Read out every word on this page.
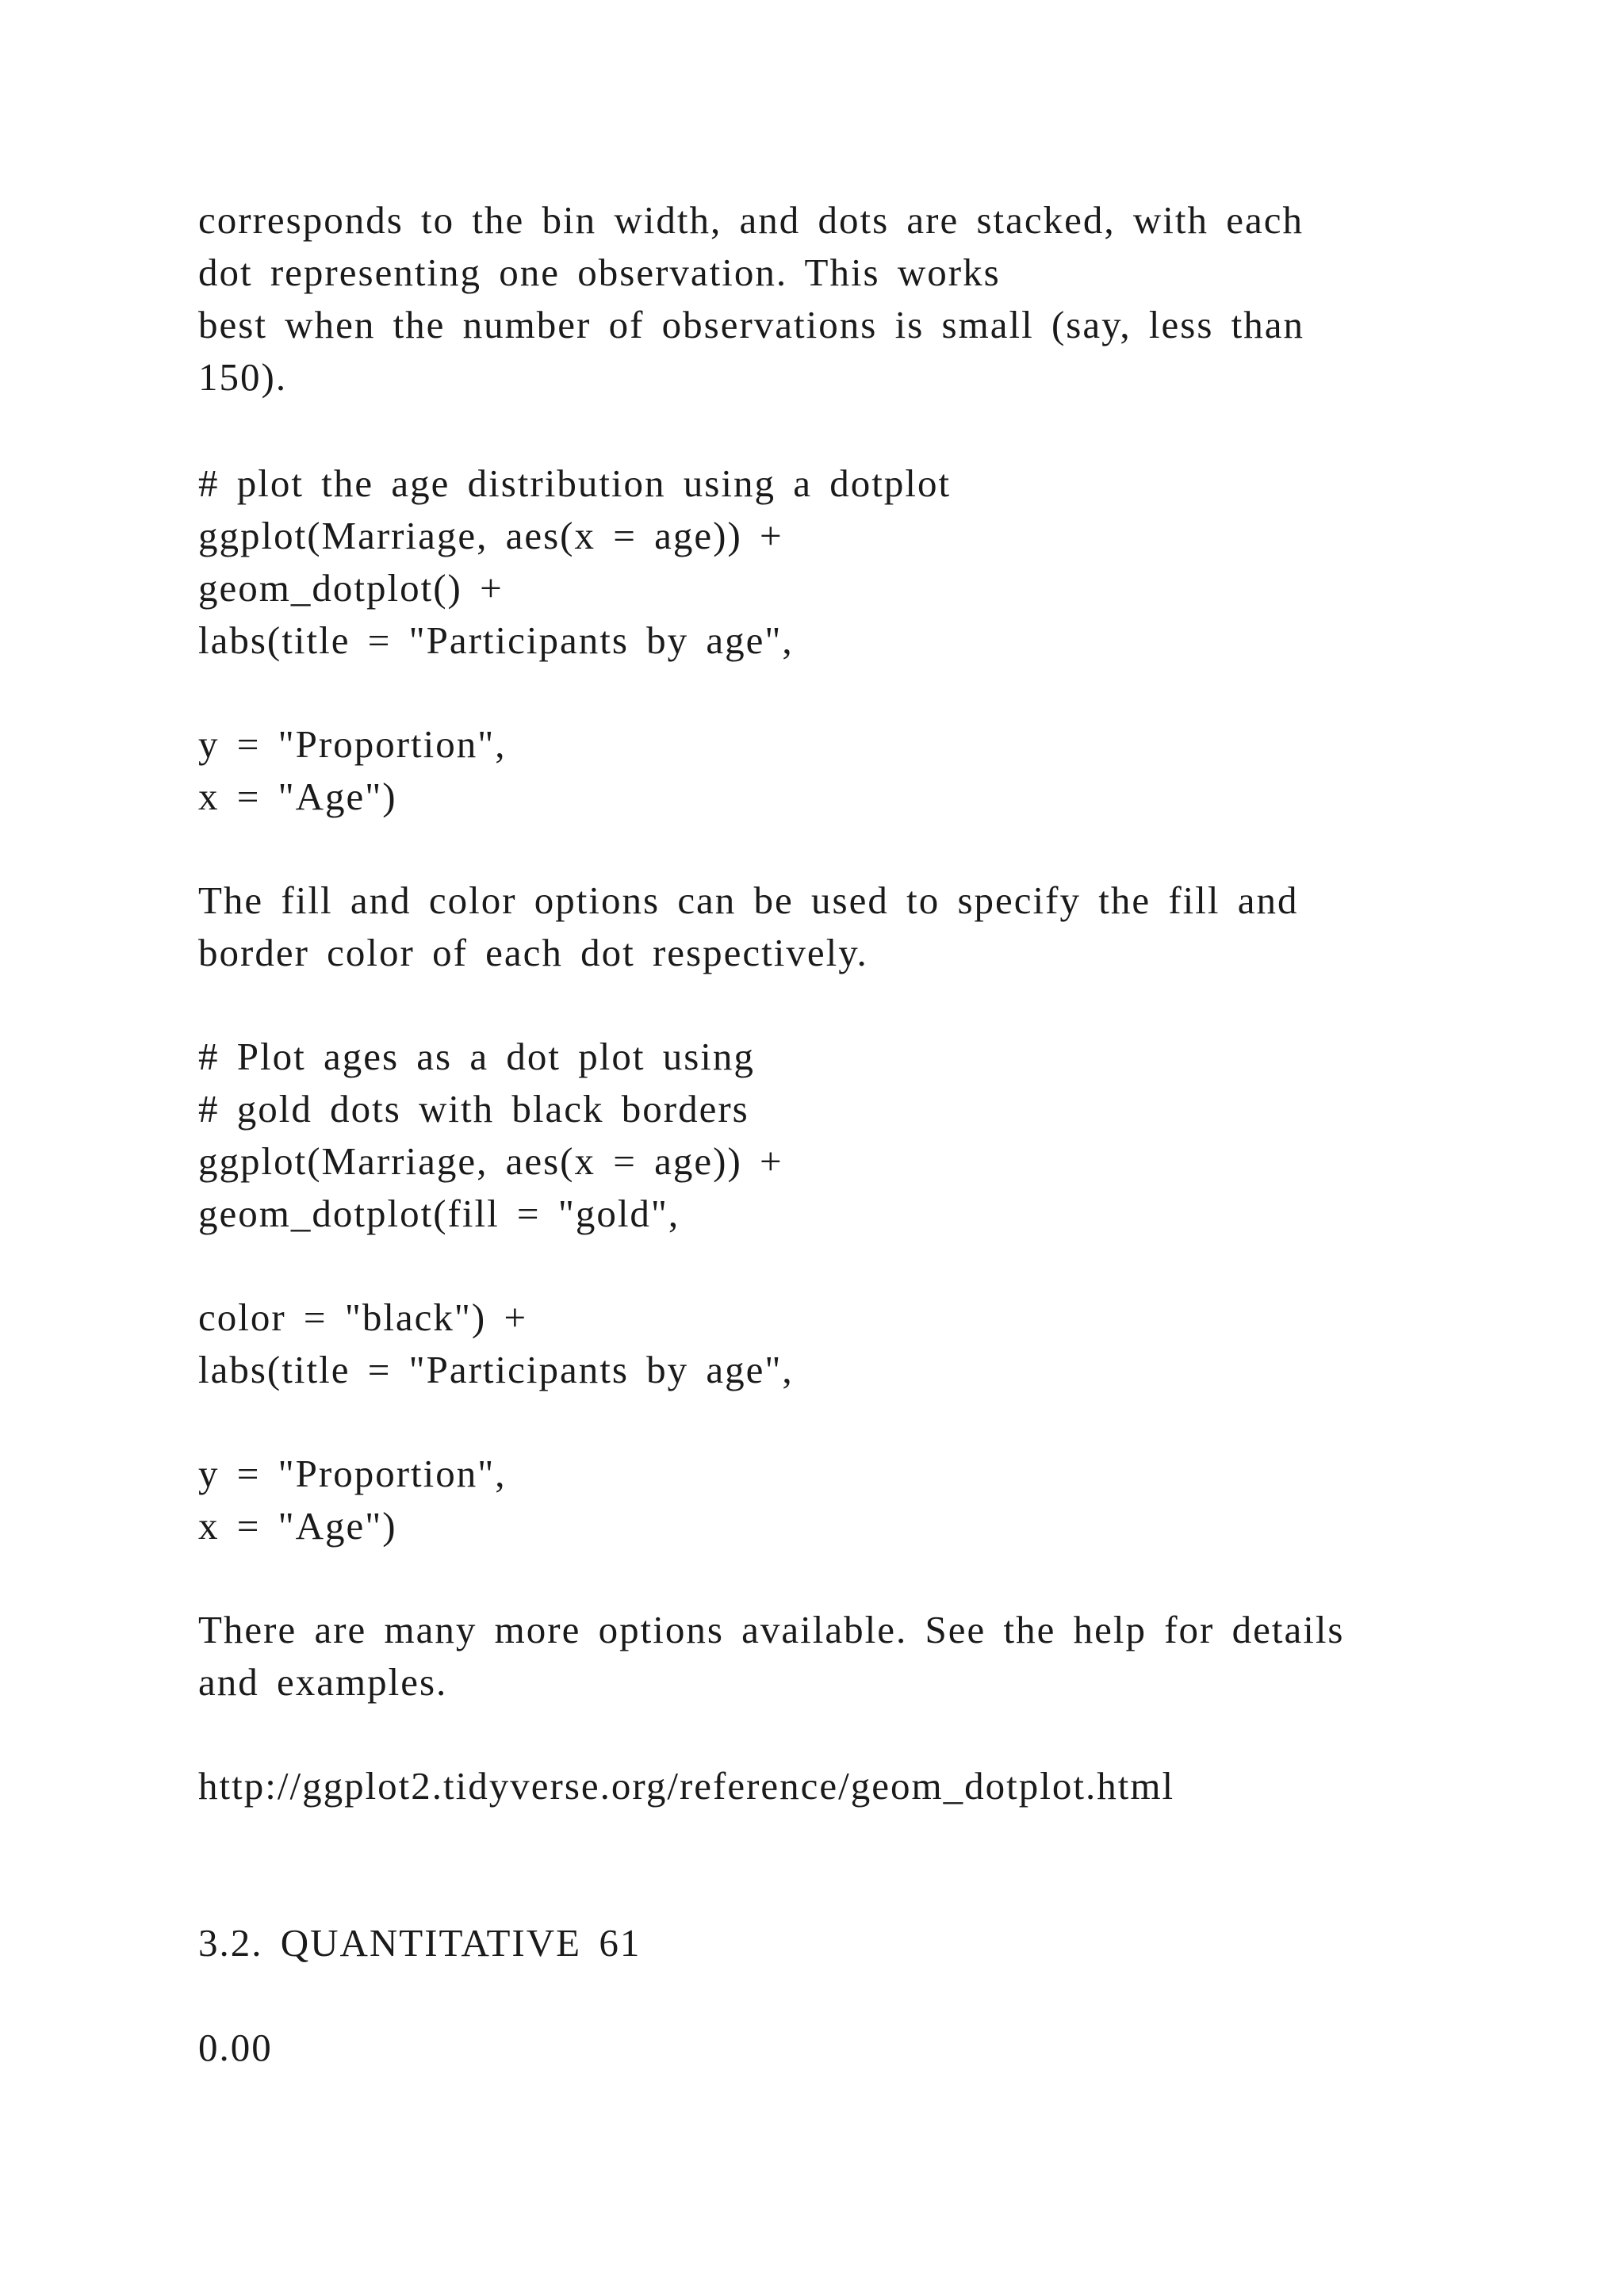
corresponds to the bin width, and dots are stacked, with each

dot representing one observation. This works

best when the number of observations is small (say, less than

150).

# plot the age distribution using a dotplot

ggplot(Marriage, aes(x = age)) +

geom_dotplot() +

labs(title = "Participants by age",

y = "Proportion",

x = "Age")

The fill and color options can be used to specify the fill and

border color of each dot respectively.

# Plot ages as a dot plot using

# gold dots with black borders

ggplot(Marriage, aes(x = age)) +

geom_dotplot(fill = "gold",

color = "black") +

labs(title = "Participants by age",

y = "Proportion",

x = "Age")

There are many more options available. See the help for details

and examples.

http://ggplot2.tidyverse.org/reference/geom_dotplot.html

3.2. QUANTITATIVE 61

0.00
